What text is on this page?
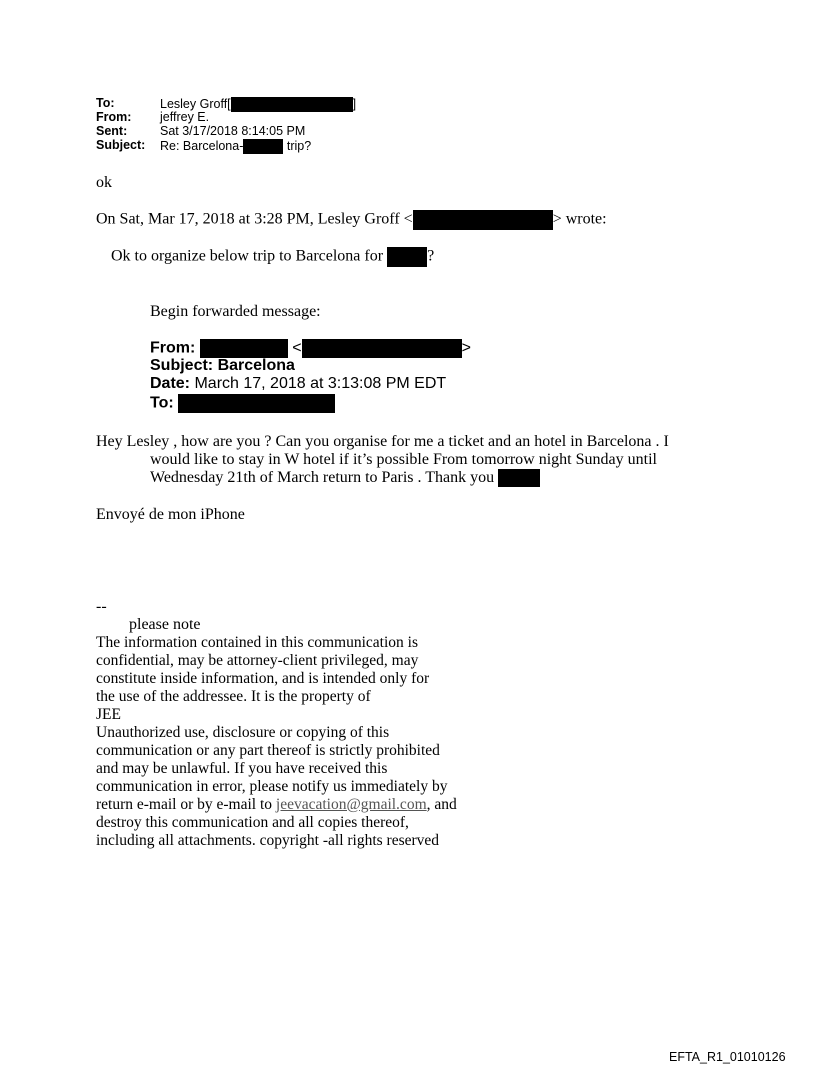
To:	Lesley Groff[	]
From: jeffrey E.
Sent:	Sat 3/17/2018 8:14:05 PM
Subject: Re: Barcelona-	trip?
ok
On Sat, Mar 17, 2018 at 3:28 PM, Lesley Groff <	> wrote:
Ok to organize below trip to Barcelona for	?
Begin forwarded message:
From:	<	>
Subject: Barcelona
Date: March 17, 2018 at 3:13:08 PM EDT
To:
Hey Lesley , how are you ? Can you organise for me a ticket and an hotel in Barcelona . I
would like to stay in W hotel if it’s possible From tomorrow night Sunday until
Wednesday 21th of March return to Paris . Thank you
Envoyé de mon iPhone
--
please note
The information contained in this communication is
confidential, may be attorney-client privileged, may
constitute inside information, and is intended only for
the use of the addressee. It is the property of
JEE
Unauthorized use, disclosure or copying of this
communication or any part thereof is strictly prohibited
and may be unlawful. If you have received this
communication in error, please notify us immediately by
return e-mail or by e-mail to jeevacation@gmail.com, and
destroy this communication and all copies thereof,
including all attachments. copyright -all rights reserved
EFTA_R1_01010126
